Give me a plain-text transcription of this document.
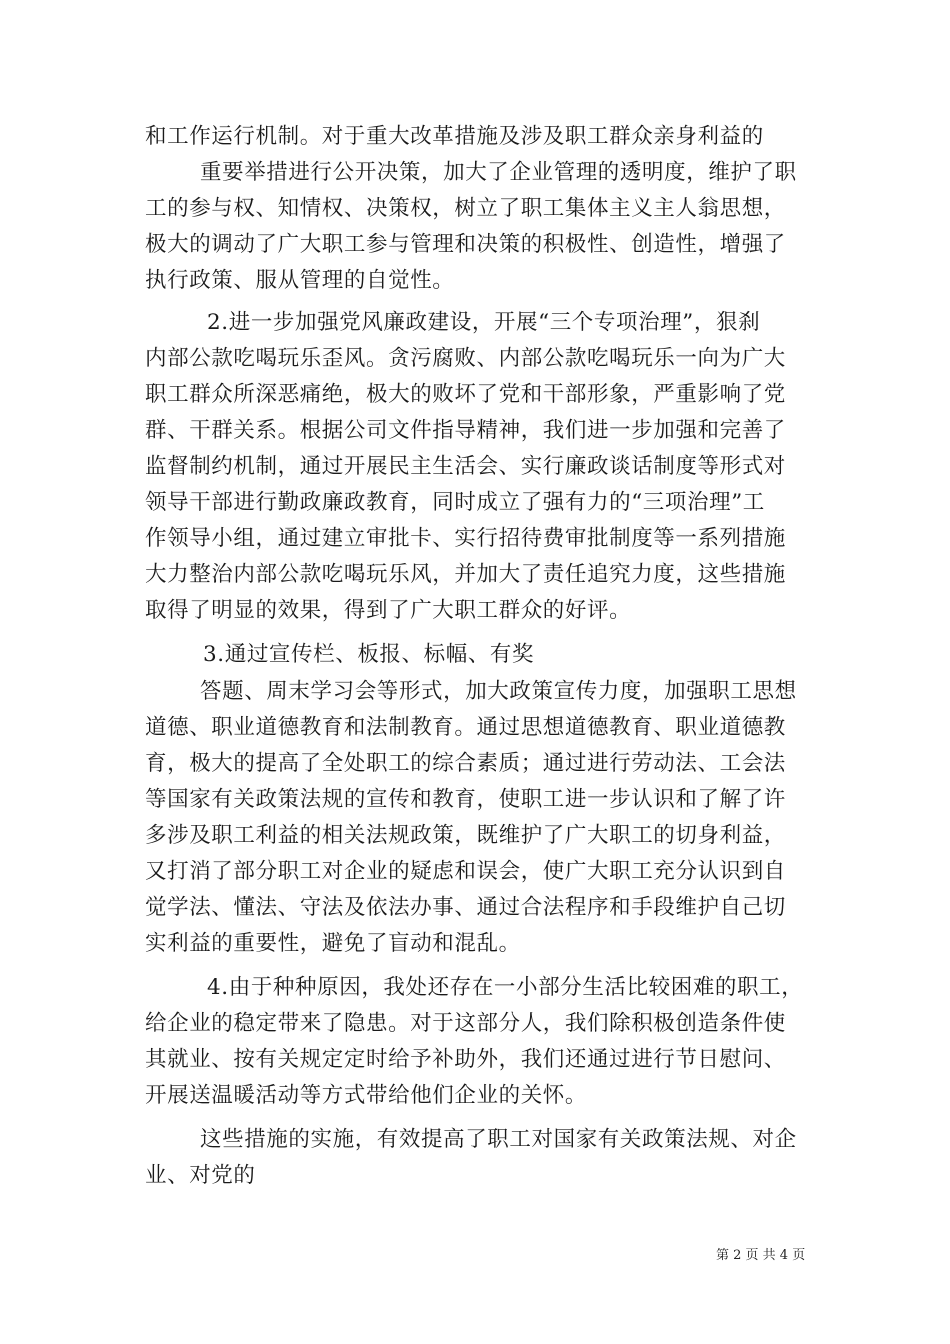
和工作运行机制。对于重大改革措施及涉及职工群众亲身利益的
重要举措进行公开决策，加大了企业管理的透明度，维护了职
工的参与权、知情权、决策权，树立了职工集体主义主人翁思想，
极大的调动了广大职工参与管理和决策的积极性、创造性，增强了
执行政策、服从管理的自觉性。
2.进一步加强党风廉政建设，开展“三个专项治理”，狠刹
内部公款吃喝玩乐歪风。贪污腐败、内部公款吃喝玩乐一向为广大
职工群众所深恶痛绝，极大的败坏了党和干部形象，严重影响了党
群、干群关系。根据公司文件指导精神，我们进一步加强和完善了
监督制约机制，通过开展民主生活会、实行廉政谈话制度等形式对
领导干部进行勤政廉政教育，同时成立了强有力的“三项治理”工
作领导小组，通过建立审批卡、实行招待费审批制度等一系列措施
大力整治内部公款吃喝玩乐风，并加大了责任追究力度，这些措施
取得了明显的效果，得到了广大职工群众的好评。
3.通过宣传栏、板报、标幅、有奖
答题、周末学习会等形式，加大政策宣传力度，加强职工思想
道德、职业道德教育和法制教育。通过思想道德教育、职业道德教
育，极大的提高了全处职工的综合素质；通过进行劳动法、工会法
等国家有关政策法规的宣传和教育，使职工进一步认识和了解了许
多涉及职工利益的相关法规政策，既维护了广大职工的切身利益，
又打消了部分职工对企业的疑虑和误会，使广大职工充分认识到自
觉学法、懂法、守法及依法办事、通过合法程序和手段维护自己切
实利益的重要性，避免了盲动和混乱。
4.由于种种原因，我处还存在一小部分生活比较困难的职工，
给企业的稳定带来了隐患。对于这部分人，我们除积极创造条件使
其就业、按有关规定定时给予补助外，我们还通过进行节日慰问、
开展送温暖活动等方式带给他们企业的关怀。
这些措施的实施，有效提高了职工对国家有关政策法规、对企
业、对党的
第 2 页 共 4 页
